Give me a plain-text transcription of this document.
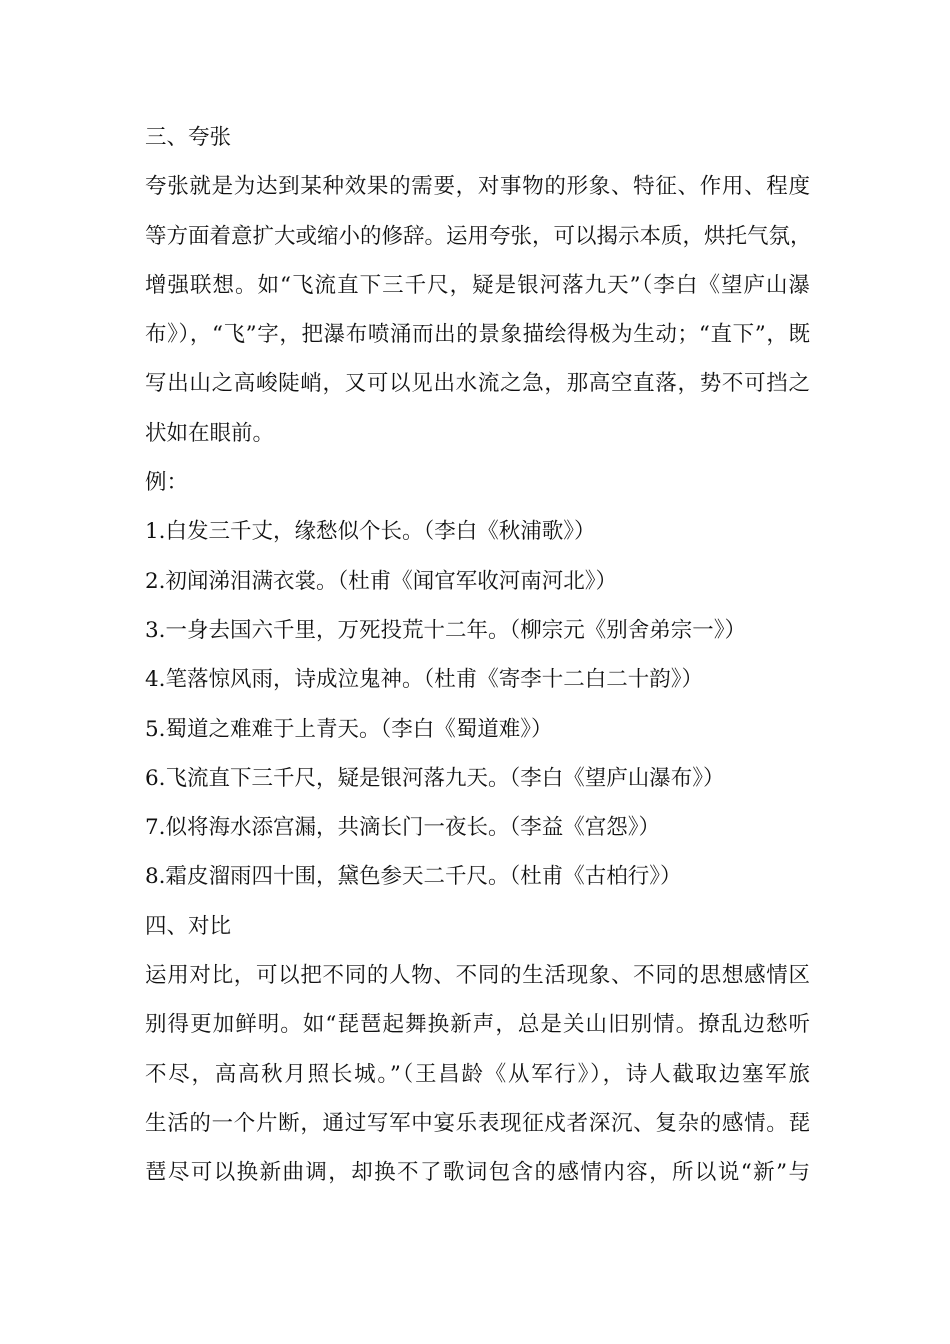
三、夸张
夸张就是为达到某种效果的需要，对事物的形象、特征、作用、程度
等方面着意扩大或缩小的修辞。运用夸张，可以揭示本质，烘托气氛，
增强联想。如“飞流直下三千尺，疑是银河落九天”（李白《望庐山瀑
布》），“飞”字，把瀑布喷涌而出的景象描绘得极为生动；“直下”，既
写出山之高峻陡峭，又可以见出水流之急，那高空直落，势不可挡之
状如在眼前。
例：
1.白发三千丈，缘愁似个长。（李白《秋浦歌》）
2.初闻涕泪满衣裳。（杜甫《闻官军收河南河北》）
3.一身去国六千里，万死投荒十二年。（柳宗元《别舍弟宗一》）
4.笔落惊风雨，诗成泣鬼神。（杜甫《寄李十二白二十韵》）
5.蜀道之难难于上青天。（李白《蜀道难》）
6.飞流直下三千尺，疑是银河落九天。（李白《望庐山瀑布》）
7.似将海水添宫漏，共滴长门一夜长。（李益《宫怨》）
8.霜皮溜雨四十围，黛色参天二千尺。（杜甫《古柏行》）
四、对比
运用对比，可以把不同的人物、不同的生活现象、不同的思想感情区
别得更加鲜明。如“琵琶起舞换新声，总是关山旧别情。撩乱边愁听
不尽，高高秋月照长城。”（王昌龄《从军行》），诗人截取边塞军旅
生活的一个片断，通过写军中宴乐表现征戍者深沉、复杂的感情。琵
琶尽可以换新曲调，却换不了歌词包含的感情内容，所以说“新”与
